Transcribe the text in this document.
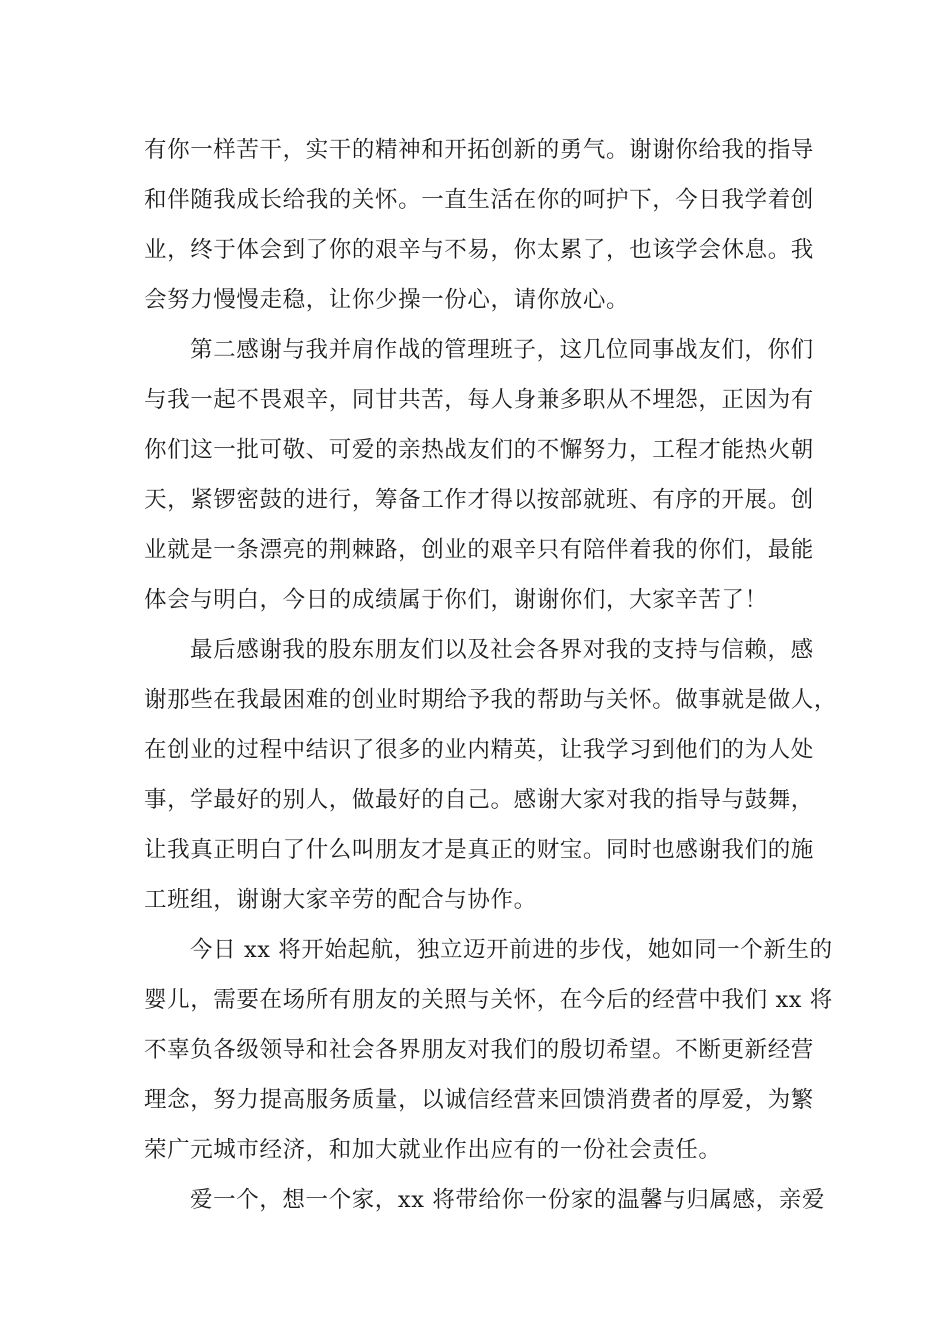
有你一样苦干，实干的精神和开拓创新的勇气。谢谢你给我的指导
和伴随我成长给我的关怀。一直生活在你的呵护下，今日我学着创
业，终于体会到了你的艰辛与不易，你太累了，也该学会休息。我
会努力慢慢走稳，让你少操一份心，请你放心。
第二感谢与我并肩作战的管理班子，这几位同事战友们，你们
与我一起不畏艰辛，同甘共苦，每人身兼多职从不埋怨，正因为有
你们这一批可敬、可爱的亲热战友们的不懈努力，工程才能热火朝
天，紧锣密鼓的进行，筹备工作才得以按部就班、有序的开展。创
业就是一条漂亮的荆棘路，创业的艰辛只有陪伴着我的你们，最能
体会与明白，今日的成绩属于你们，谢谢你们，大家辛苦了！
最后感谢我的股东朋友们以及社会各界对我的支持与信赖，感
谢那些在我最困难的创业时期给予我的帮助与关怀。做事就是做人，
在创业的过程中结识了很多的业内精英，让我学习到他们的为人处
事，学最好的别人，做最好的自己。感谢大家对我的指导与鼓舞，
让我真正明白了什么叫朋友才是真正的财宝。同时也感谢我们的施
工班组，谢谢大家辛劳的配合与协作。
今日 xx 将开始起航，独立迈开前进的步伐，她如同一个新生的
婴儿，需要在场所有朋友的关照与关怀，在今后的经营中我们 xx 将
不辜负各级领导和社会各界朋友对我们的殷切希望。不断更新经营
理念，努力提高服务质量，以诚信经营来回馈消费者的厚爱，为繁
荣广元城市经济，和加大就业作出应有的一份社会责任。
爱一个，想一个家，xx 将带给你一份家的温馨与归属感，亲爱
